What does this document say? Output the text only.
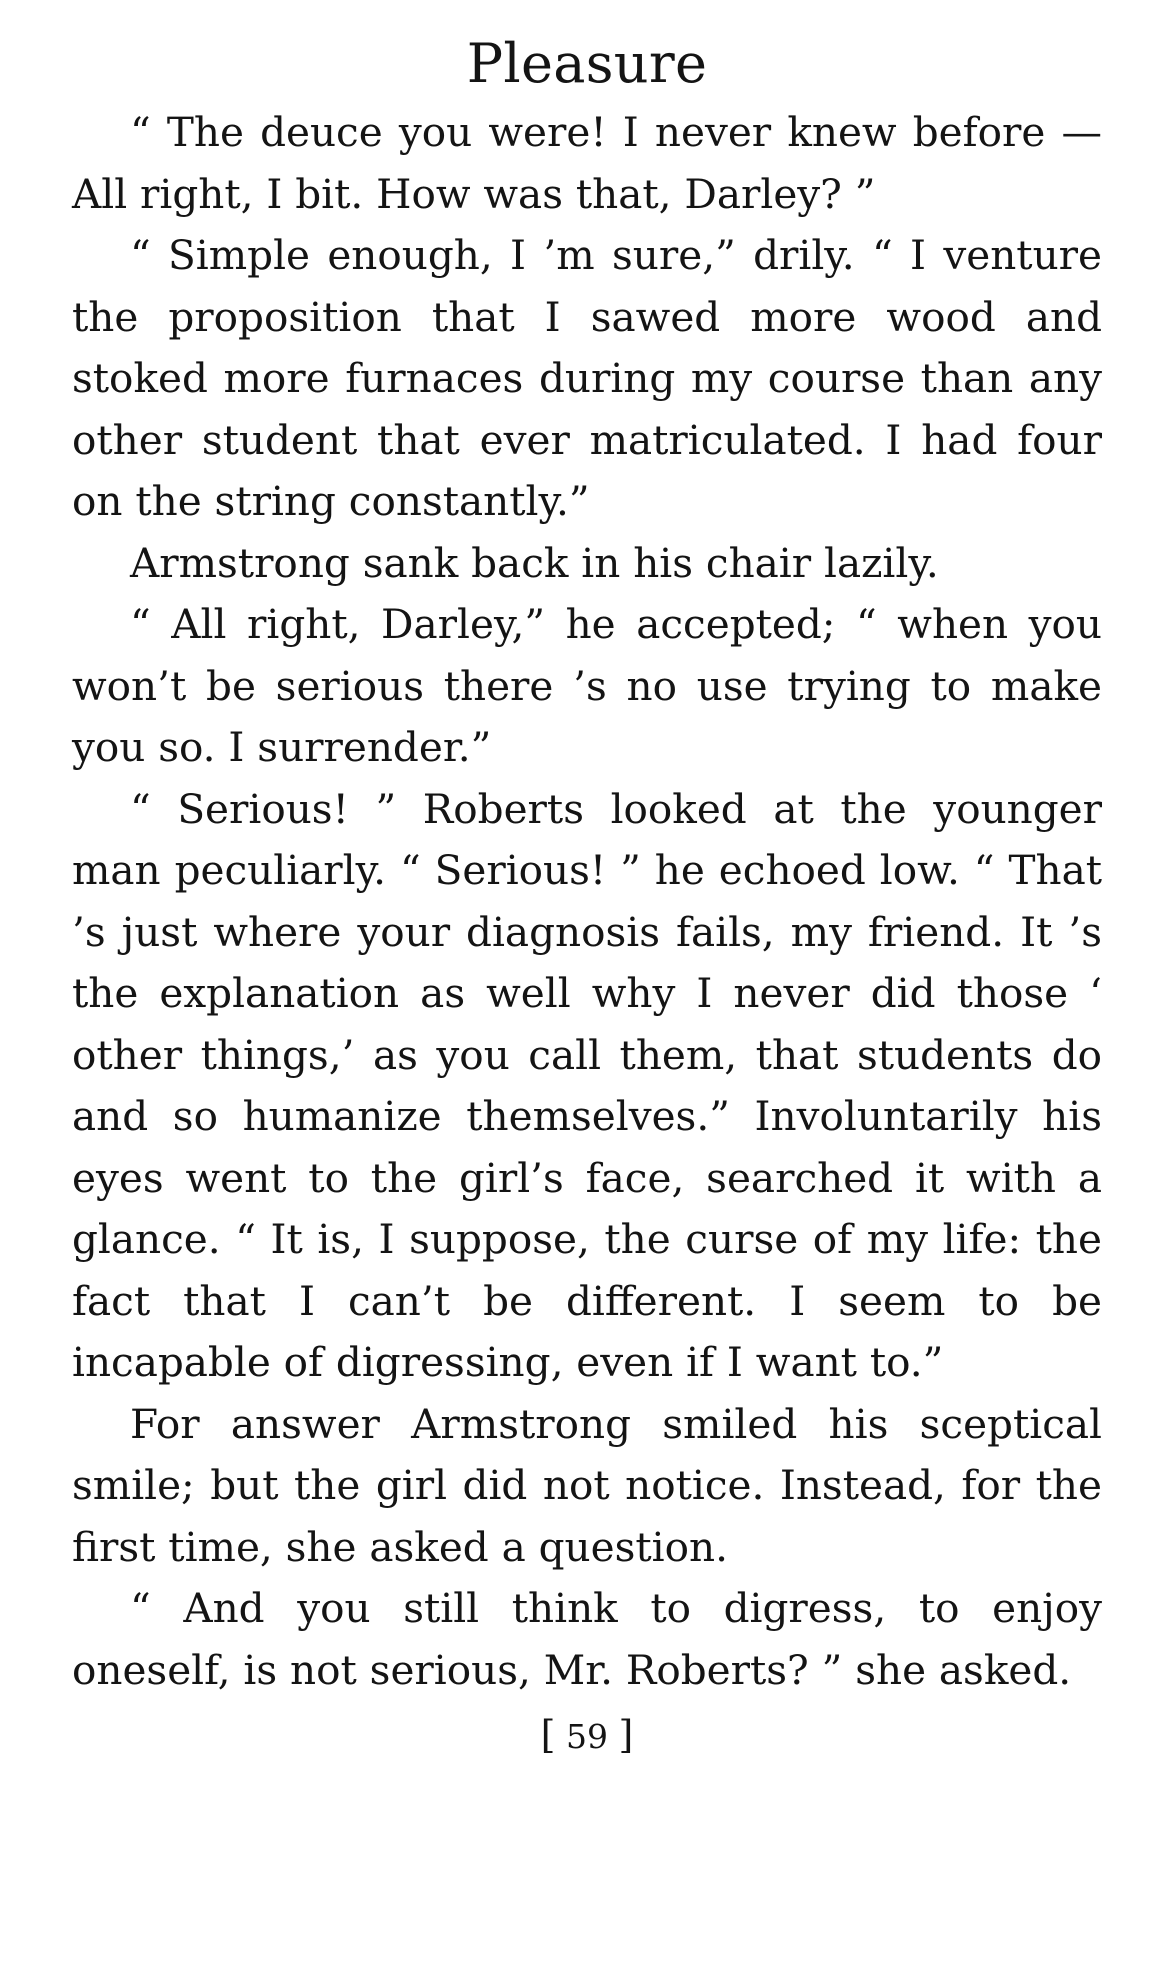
Pleasure

“ The deuce you were! I never knew before — All right, I bit. How was that, Darley? ”

“ Simple enough, I ’m sure,” drily. “ I venture the proposition that I sawed more wood and stoked more furnaces during my course than any other student that ever matriculated. I had four on the string constantly.”

Armstrong sank back in his chair lazily.

“ All right, Darley,” he accepted; “ when you won’t be serious there ’s no use trying to make you so. I surrender.”

“ Serious! ” Roberts looked at the younger man peculiarly. “ Serious! ” he echoed low. “ That ’s just where your diagnosis fails, my friend. It ’s the explanation as well why I never did those ‘ other things,’ as you call them, that students do and so humanize themselves.” Involuntarily his eyes went to the girl’s face, searched it with a glance. “ It is, I suppose, the curse of my life: the fact that I can’t be different. I seem to be incapable of digressing, even if I want to.”

For answer Armstrong smiled his sceptical smile; but the girl did not notice. Instead, for the first time, she asked a question.

“ And you still think to digress, to enjoy oneself, is not serious, Mr. Roberts? ” she asked.

[ 59 ]
